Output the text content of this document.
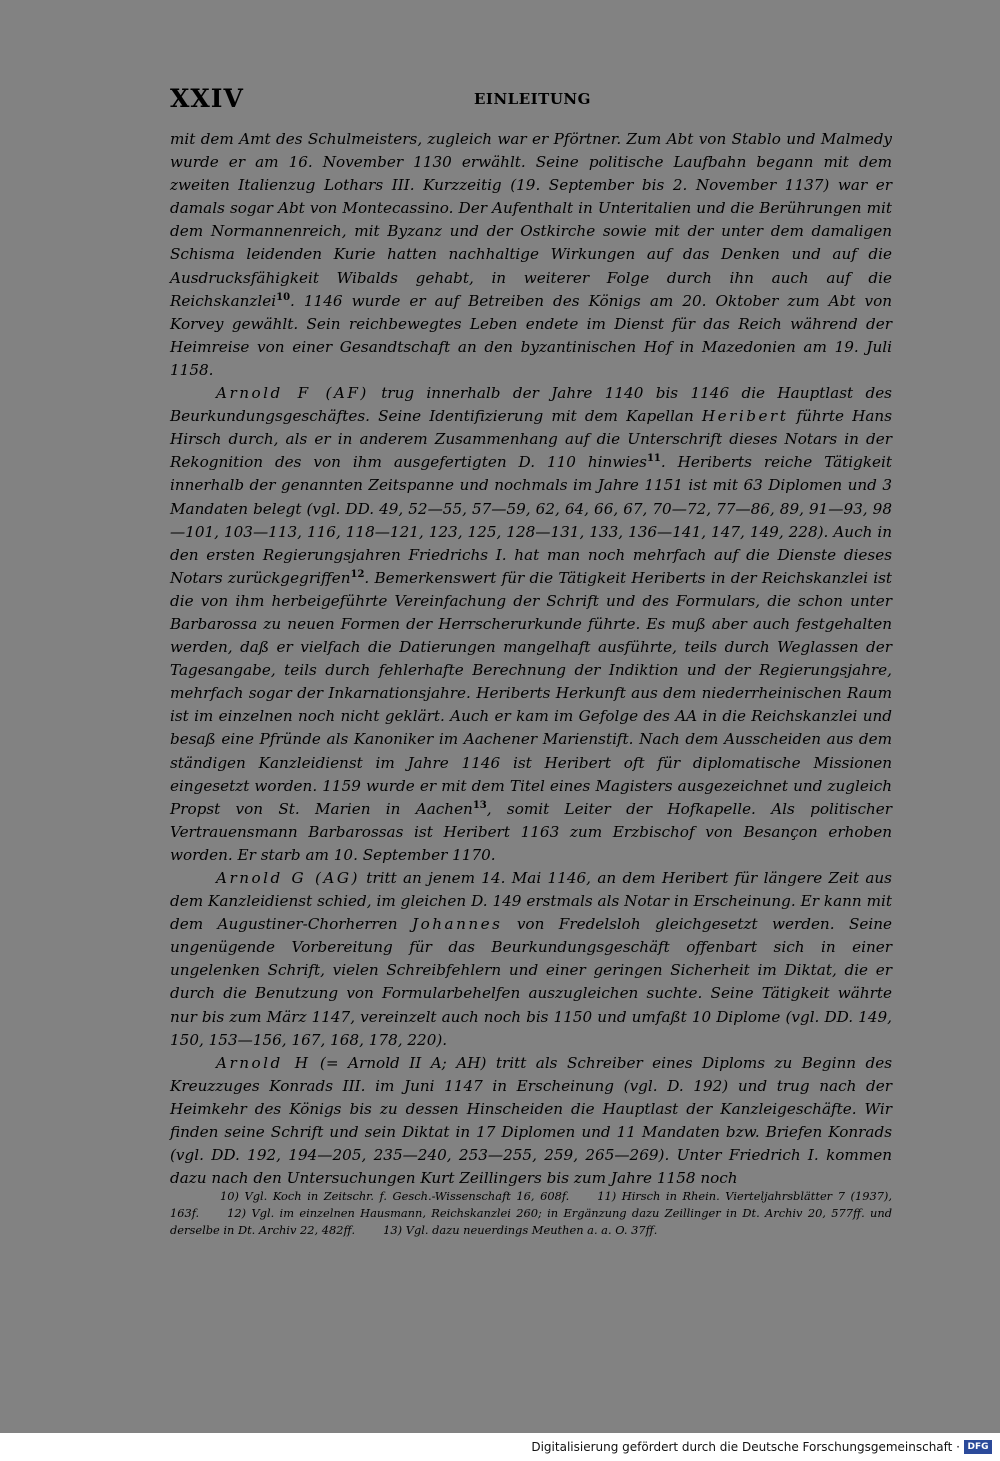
XXIV	EINLEITUNG

mit dem Amt des Schulmeisters, zugleich war er Pförtner. Zum Abt von Stablo und Malmedy wurde er am 16. November 1130 erwählt. Seine politische Laufbahn begann mit dem zweiten Italienzug Lothars III. Kurzzeitig (19. September bis 2. November 1137) war er damals sogar Abt von Montecassino. Der Aufenthalt in Unteritalien und die Berührungen mit dem Normannenreich, mit Byzanz und der Ostkirche sowie mit der unter dem damaligen Schisma leidenden Kurie hatten nachhaltige Wirkungen auf das Denken und auf die Ausdrucksfähigkeit Wibalds gehabt, in weiterer Folge durch ihn auch auf die Reichskanzlei$^{10}$. 1146 wurde er auf Betreiben des Königs am 20. Oktober zum Abt von Korvey gewählt. Sein reichbewegtes Leben endete im Dienst für das Reich während der Heimreise von einer Gesandtschaft an den byzantinischen Hof in Mazedonien am 19. Juli 1158.

Arnold F (AF) trug innerhalb der Jahre 1140 bis 1146 die Hauptlast des Beurkundungsgeschäftes. Seine Identifizierung mit dem Kapellan Heribert führte Hans Hirsch durch, als er in anderem Zusammenhang auf die Unterschrift dieses Notars in der Rekognition des von ihm ausgefertigten D. 110 hinwies$^{11}$. Heriberts reiche Tätigkeit innerhalb der genannten Zeitspanne und nochmals im Jahre 1151 ist mit 63 Diplomen und 3 Mandaten belegt (vgl. DD. 49, 52—55, 57—59, 62, 64, 66, 67, 70—72, 77—86, 89, 91—93, 98—101, 103—113, 116, 118—121, 123, 125, 128—131, 133, 136—141, 147, 149, 228). Auch in den ersten Regierungsjahren Friedrichs I. hat man noch mehrfach auf die Dienste dieses Notars zurückgegriffen$^{12}$. Bemerkenswert für die Tätigkeit Heriberts in der Reichskanzlei ist die von ihm herbeigeführte Vereinfachung der Schrift und des Formulars, die schon unter Barbarossa zu neuen Formen der Herrscherurkunde führte. Es muß aber auch festgehalten werden, daß er vielfach die Datierungen mangelhaft ausführte, teils durch Weglassen der Tagesangabe, teils durch fehlerhafte Berechnung der Indiktion und der Regierungsjahre, mehrfach sogar der Inkarnationsjahre. Heriberts Herkunft aus dem niederrheinischen Raum ist im einzelnen noch nicht geklärt. Auch er kam im Gefolge des AA in die Reichskanzlei und besaß eine Pfründe als Kanoniker im Aachener Marienstift. Nach dem Ausscheiden aus dem ständigen Kanzleidienst im Jahre 1146 ist Heribert oft für diplomatische Missionen eingesetzt worden. 1159 wurde er mit dem Titel eines Magisters ausgezeichnet und zugleich Propst von St. Marien in Aachen$^{13}$, somit Leiter der Hofkapelle. Als politischer Vertrauensmann Barbarossas ist Heribert 1163 zum Erzbischof von Besançon erhoben worden. Er starb am 10. September 1170.

Arnold G (AG) tritt an jenem 14. Mai 1146, an dem Heribert für längere Zeit aus dem Kanzleidienst schied, im gleichen D. 149 erstmals als Notar in Erscheinung. Er kann mit dem Augustiner-Chorherren Johannes von Fredelsloh gleichgesetzt werden. Seine ungenügende Vorbereitung für das Beurkundungsgeschäft offenbart sich in einer ungelenken Schrift, vielen Schreibfehlern und einer geringen Sicherheit im Diktat, die er durch die Benutzung von Formularbehelfen auszugleichen suchte. Seine Tätigkeit währte nur bis zum März 1147, vereinzelt auch noch bis 1150 und umfaßt 10 Diplome (vgl. DD. 149, 150, 153—156, 167, 168, 178, 220).

Arnold H (= Arnold II A; AH) tritt als Schreiber eines Diploms zu Beginn des Kreuzzuges Konrads III. im Juni 1147 in Erscheinung (vgl. D. 192) und trug nach der Heimkehr des Königs bis zu dessen Hinscheiden die Hauptlast der Kanzleigeschäfte. Wir finden seine Schrift und sein Diktat in 17 Diplomen und 11 Mandaten bzw. Briefen Konrads (vgl. DD. 192, 194—205, 235—240, 253—255, 259, 265—269). Unter Friedrich I. kommen dazu nach den Untersuchungen Kurt Zeillingers bis zum Jahre 1158 noch

10) Vgl. Koch in Zeitschr. f. Gesch.-Wissenschaft 16, 608f. 11) Hirsch in Rhein. Vierteljahrsblätter 7 (1937), 163f. 12) Vgl. im einzelnen Hausmann, Reichskanzlei 260; in Ergänzung dazu Zeillinger in Dt. Archiv 20, 577ff. und derselbe in Dt. Archiv 22, 482ff. 13) Vgl. dazu neuerdings Meuthen a. a. O. 37ff.

Digitalisierung gefördert durch die Deutsche Forschungsgemeinschaft · DFG
